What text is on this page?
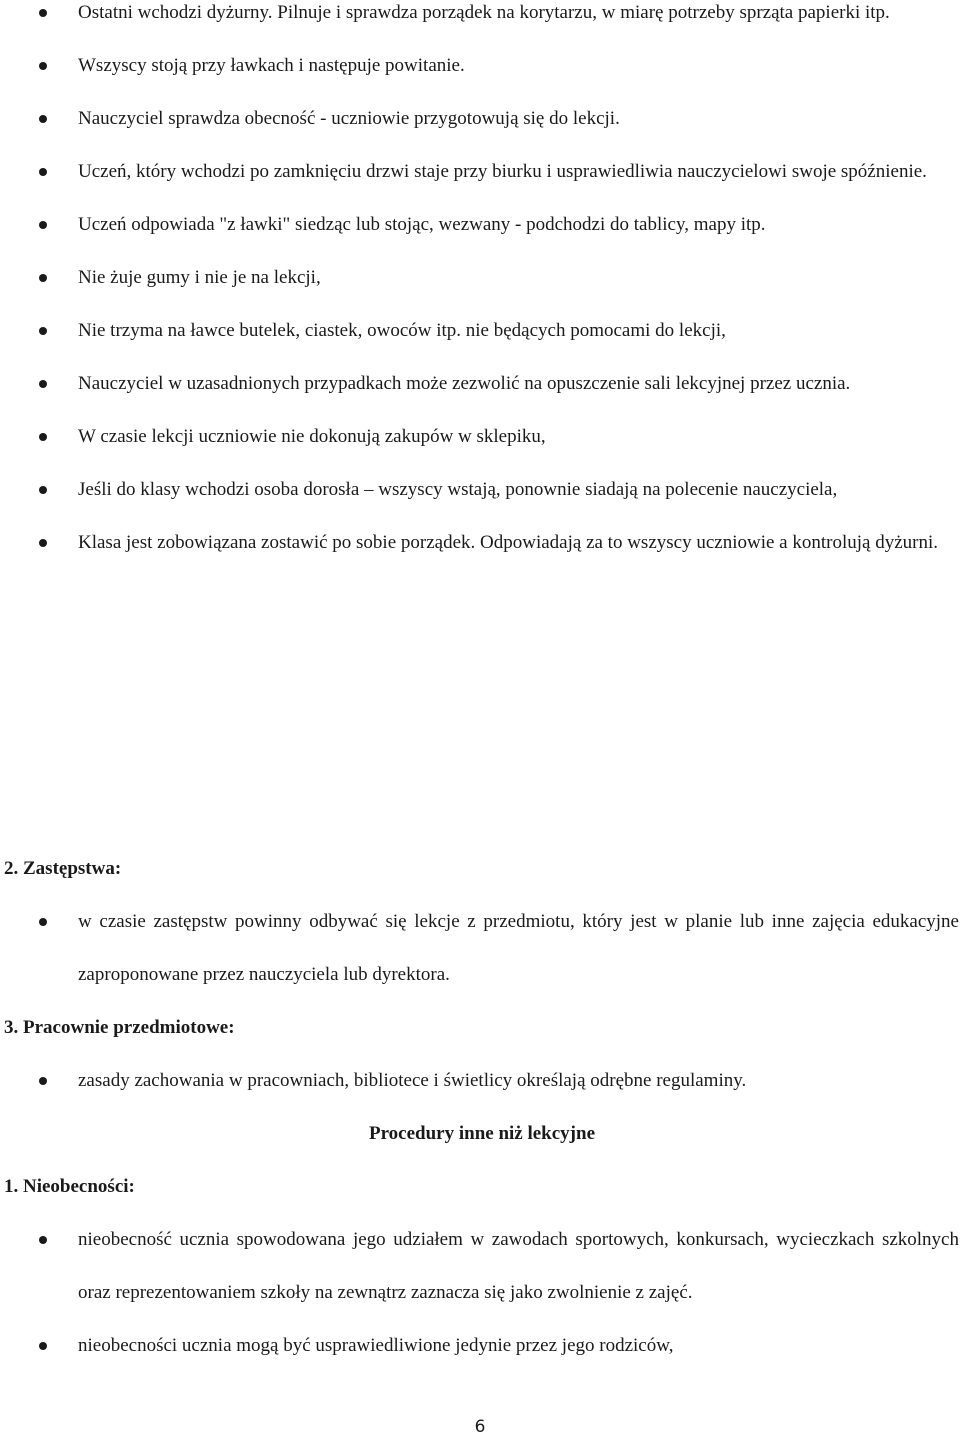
Ostatni wchodzi dyżurny. Pilnuje i sprawdza porządek na korytarzu, w miarę potrzeby sprząta papierki itp.
Wszyscy stoją przy ławkach i następuje powitanie.
Nauczyciel sprawdza obecność - uczniowie przygotowują się do lekcji.
Uczeń, który wchodzi po zamknięciu drzwi staje przy biurku i usprawiedliwia nauczycielowi swoje spóźnienie.
Uczeń odpowiada "z ławki" siedząc lub stojąc, wezwany - podchodzi do tablicy, mapy itp.
Nie żuje gumy i nie je na lekcji,
Nie trzyma na ławce butelek, ciastek, owoców itp. nie będących pomocami do lekcji,
Nauczyciel w uzasadnionych przypadkach może zezwolić na opuszczenie sali lekcyjnej przez ucznia.
W czasie lekcji uczniowie nie dokonują zakupów w sklepiku,
Jeśli do klasy wchodzi osoba dorosła – wszyscy wstają, ponownie siadają na polecenie nauczyciela,
Klasa jest zobowiązana zostawić po sobie porządek. Odpowiadają za to wszyscy uczniowie a kontrolują dyżurni.
2. Zastępstwa:
w czasie zastępstw powinny odbywać się lekcje z przedmiotu, który jest w planie lub inne zajęcia edukacyjne zaproponowane przez nauczyciela lub dyrektora.
3. Pracownie przedmiotowe:
zasady zachowania w pracowniach, bibliotece i świetlicy określają odrębne regulaminy.
Procedury inne niż lekcyjne
1. Nieobecności:
nieobecność ucznia spowodowana jego udziałem w zawodach sportowych, konkursach, wycieczkach szkolnych oraz reprezentowaniem szkoły na zewnątrz zaznacza się jako zwolnienie z zajęć.
nieobecności ucznia mogą być usprawiedliwione jedynie przez jego rodziców,
6
